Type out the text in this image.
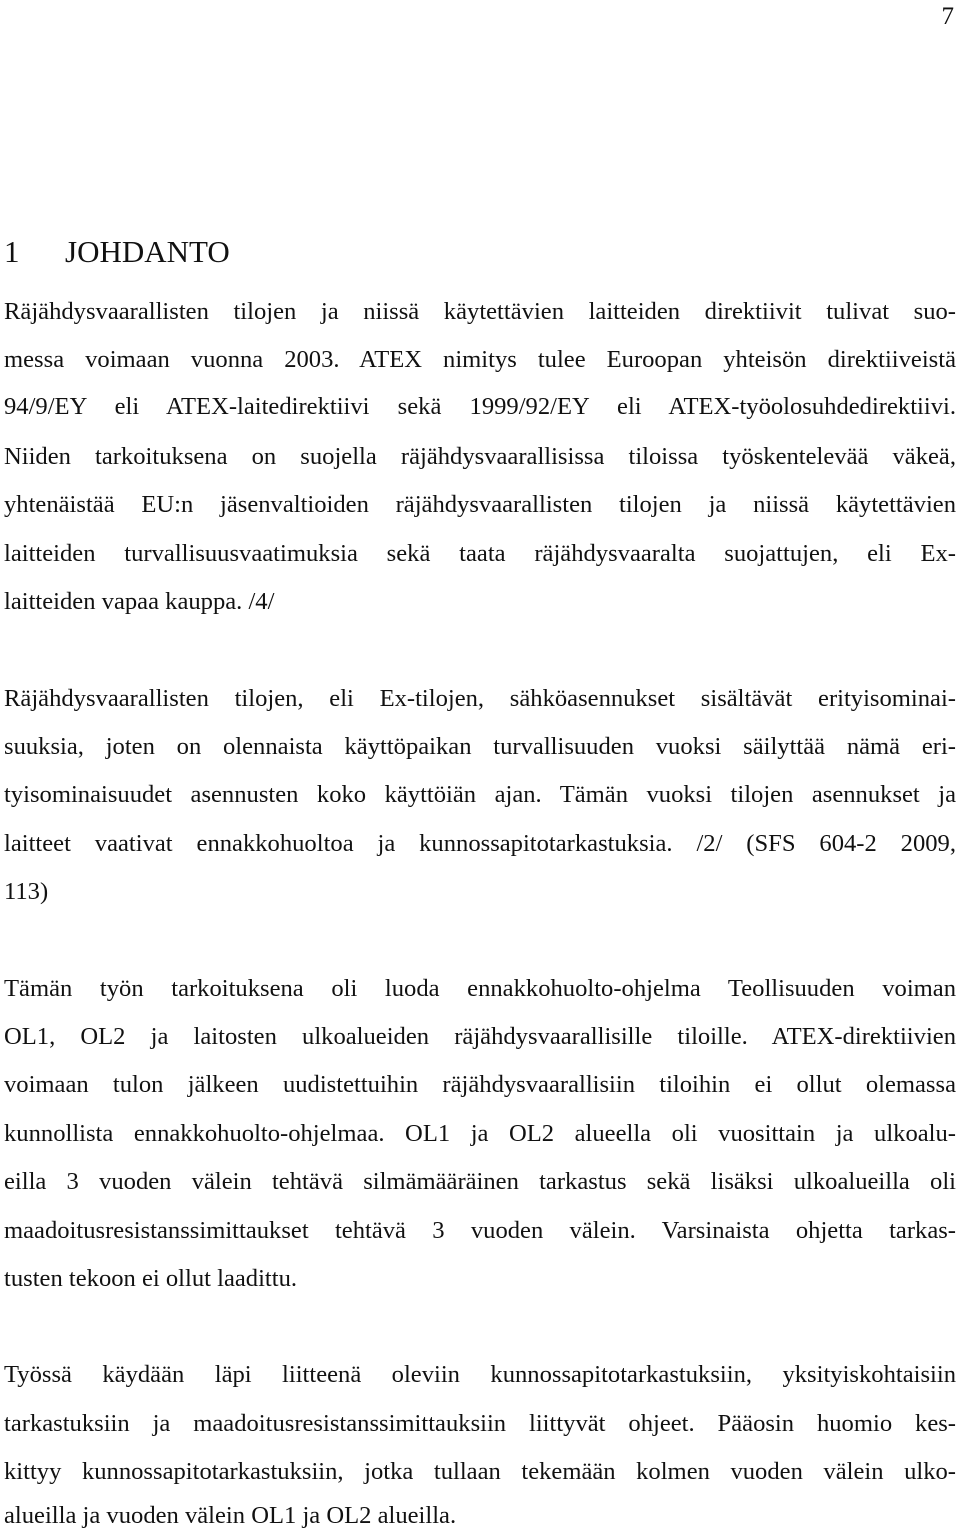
7
1 JOHDANTO
Räjähdysvaarallisten tilojen ja niissä käytettävien laitteiden direktiivit tulivat suo-
messa voimaan vuonna 2003. ATEX nimitys tulee Euroopan yhteisön direktiiveistä
94/9/EY eli ATEX-laitedirektiivi sekä 1999/92/EY eli ATEX-työolosuhdedirektiivi.
Niiden tarkoituksena on suojella räjähdysvaarallisissa tiloissa työskentelevää väkeä,
yhtenäistää EU:n jäsenvaltioiden räjähdysvaarallisten tilojen ja niissä käytettävien
laitteiden turvallisuusvaatimuksia sekä taata räjähdysvaaralta suojattujen, eli Ex-
laitteiden vapaa kauppa. /4/
Räjähdysvaarallisten tilojen, eli Ex-tilojen, sähköasennukset sisältävät erityisominai-
suuksia, joten on olennaista käyttöpaikan turvallisuuden vuoksi säilyttää nämä eri-
tyisominaisuudet asennusten koko käyttöiän ajan. Tämän vuoksi tilojen asennukset ja
laitteet vaativat ennakkohuoltoa ja kunnossapitotarkastuksia. /2/ (SFS 604-2 2009,
113)
Tämän työn tarkoituksena oli luoda ennakkohuolto-ohjelma Teollisuuden voiman
OL1, OL2 ja laitosten ulkoalueiden räjähdysvaarallisille tiloille. ATEX-direktiivien
voimaan tulon jälkeen uudistettuihin räjähdysvaarallisiin tiloihin ei ollut olemassa
kunnollista ennakkohuolto-ohjelmaa. OL1 ja OL2 alueella oli vuosittain ja ulkoalu-
eilla 3 vuoden välein tehtävä silmämääräinen tarkastus sekä lisäksi ulkoalueilla oli
maadoitusresistanssimittaukset tehtävä 3 vuoden välein. Varsinaista ohjetta tarkas-
tusten tekoon ei ollut laadittu.
Työssä käydään läpi liitteenä oleviin kunnossapitotarkastuksiin, yksityiskohtaisiin
tarkastuksiin ja maadoitusresistanssimittauksiin liittyvät ohjeet. Pääosin huomio kes-
kittyy kunnossapitotarkastuksiin, jotka tullaan tekemään kolmen vuoden välein ulko-
alueilla ja vuoden välein OL1 ja OL2 alueilla.
